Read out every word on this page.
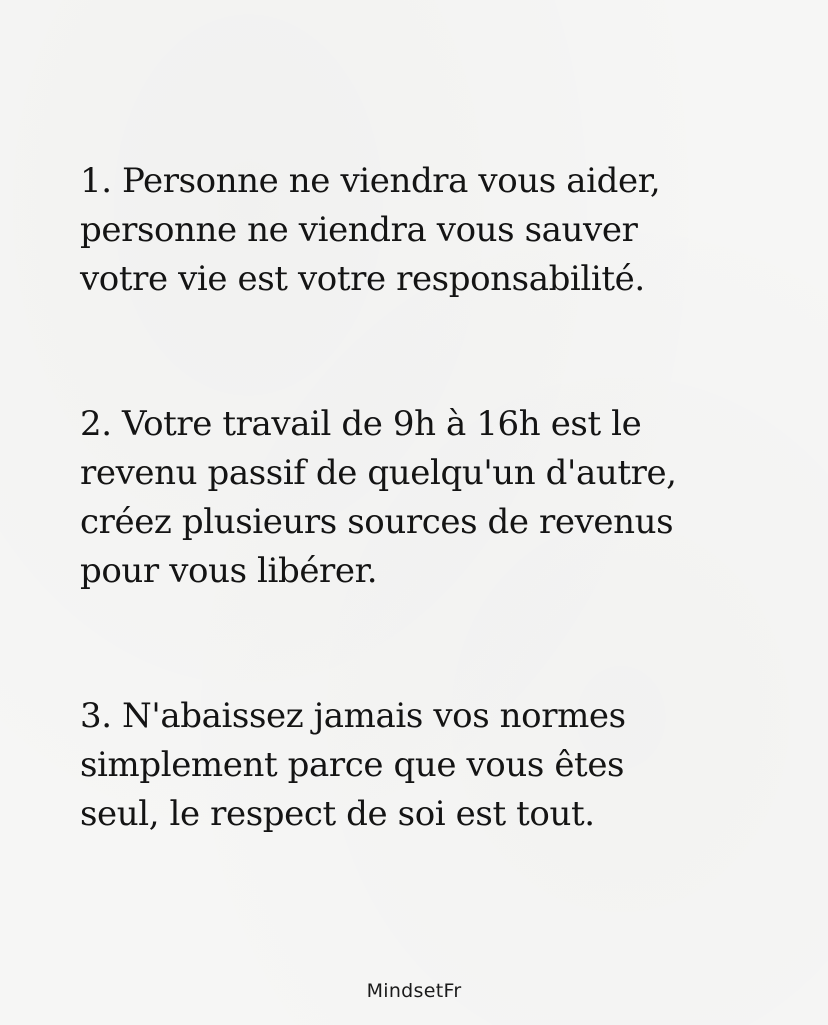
1. Personne ne viendra vous aider,
personne ne viendra vous sauver
votre vie est votre responsabilité.

2. Votre travail de 9h à 16h est le
revenu passif de quelqu'un d'autre,
créez plusieurs sources de revenus
pour vous libérer.

3. N'abaissez jamais vos normes
simplement parce que vous êtes
seul, le respect de soi est tout.

MindsetFr
